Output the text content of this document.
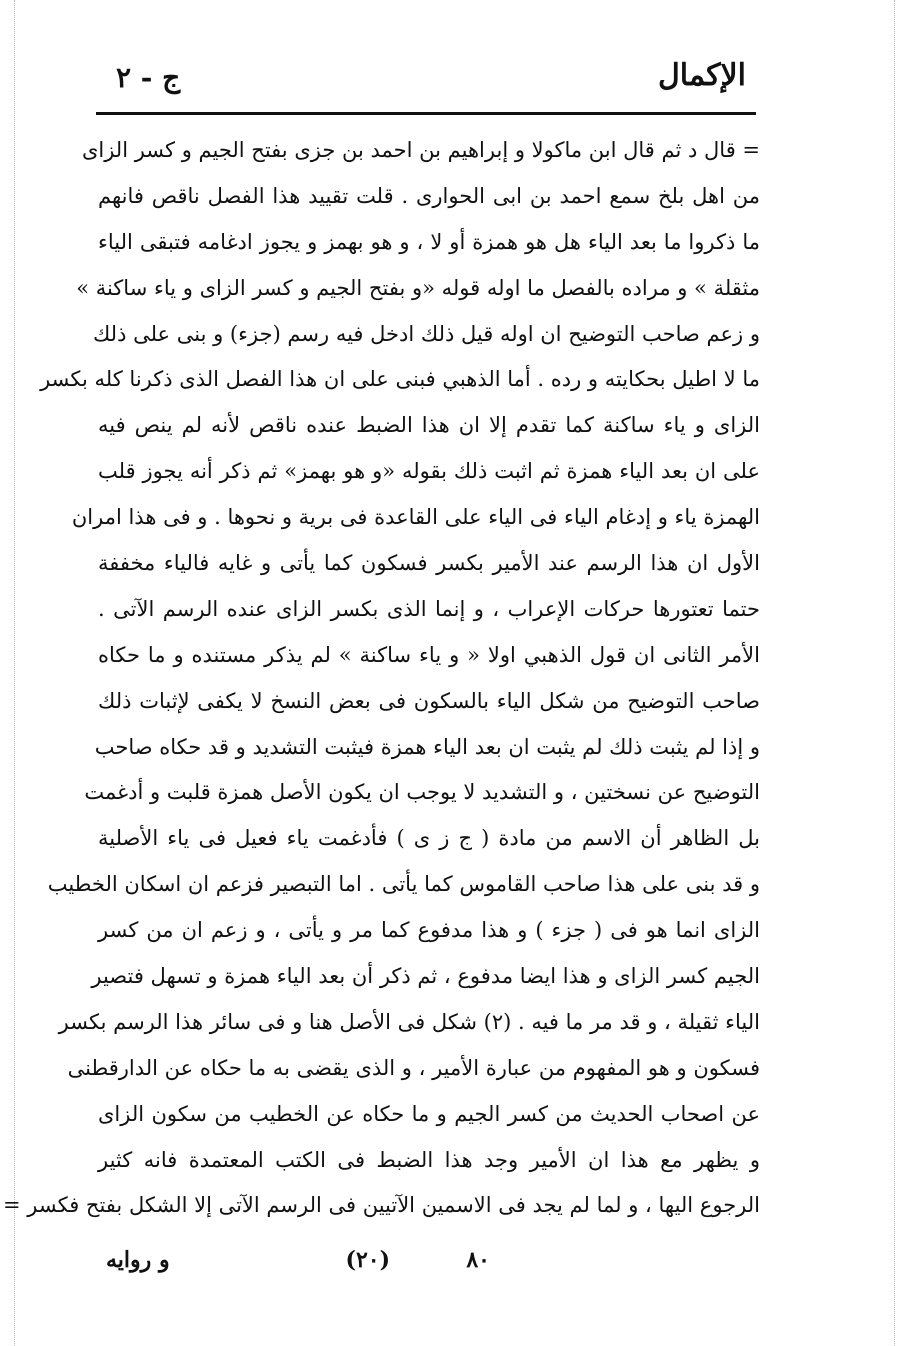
الإكمال
ج - ٢
= قال د ثم قال ابن ماكولا و إبراهيم بن احمد بن جزى بفتح الجيم و كسر الزاى
من اهل بلخ سمع احمد بن ابى الحوارى . قلت تقييد هذا الفصل ناقص فانهم
ما ذكروا ما بعد الياء هل هو همزة أو لا ، و هو بهمز و يجوز ادغامه فتبقى الياء
مثقلة » و مراده بالفصل ما اوله قوله «و بفتح الجيم و كسر الزاى و ياء ساكنة »
و زعم صاحب التوضيح ان اوله قيل ذلك ادخل فيه رسم (جزء) و بنى على ذلك
ما لا اطيل بحكايته و رده . أما الذهبي فبنى على ان هذا الفصل الذى ذكرنا كله بكسر
الزاى و ياء ساكنة كما تقدم إلا ان هذا الضبط عنده ناقص لأنه لم ينص فيه
على ان بعد الياء همزة ثم اثبت ذلك بقوله «و هو بهمز» ثم ذكر أنه يجوز قلب
الهمزة ياء و إدغام الياء فى الياء على القاعدة فى برية و نحوها . و فى هذا امران
الأول ان هذا الرسم عند الأمير بكسر فسكون كما يأتى و غايه فالياء مخففة
حتما تعتورها حركات الإعراب ، و إنما الذى بكسر الزاى عنده الرسم الآتى .
الأمر الثانى ان قول الذهبي اولا « و ياء ساكنة » لم يذكر مستنده و ما حكاه
صاحب التوضيح من شكل الياء بالسكون فى بعض النسخ لا يكفى لإثبات ذلك
و إذا لم يثبت ذلك لم يثبت ان بعد الياء همزة فيثبت التشديد و قد حكاه صاحب
التوضيح عن نسختين ، و التشديد لا يوجب ان يكون الأصل همزة قلبت و أدغمت
بل الظاهر أن الاسم من مادة ( ج ز ى ) فأدغمت ياء فعيل فى ياء الأصلية
و قد بنى على هذا صاحب القاموس كما يأتى . اما التبصير فزعم ان اسكان الخطيب
الزاى انما هو فى ( جزء ) و هذا مدفوع كما مر و يأتى ، و زعم ان من كسر
الجيم كسر الزاى و هذا ايضا مدفوع ، ثم ذكر أن بعد الياء همزة و تسهل فتصير
الياء ثقيلة ، و قد مر ما فيه . (٢) شكل فى الأصل هنا و فى سائر هذا الرسم بكسر
فسكون و هو المفهوم من عبارة الأمير ، و الذى يقضى به ما حكاه عن الدارقطنى
عن اصحاب الحديث من كسر الجيم و ما حكاه عن الخطيب من سكون الزاى
و يظهر مع هذا ان الأمير وجد هذا الضبط فى الكتب المعتمدة فانه كثير
الرجوع اليها ، و لما لم يجد فى الاسمين الآتيين فى الرسم الآتى إلا الشكل بفتح فكسر =
٨٠
(٢٠)
و روايه
